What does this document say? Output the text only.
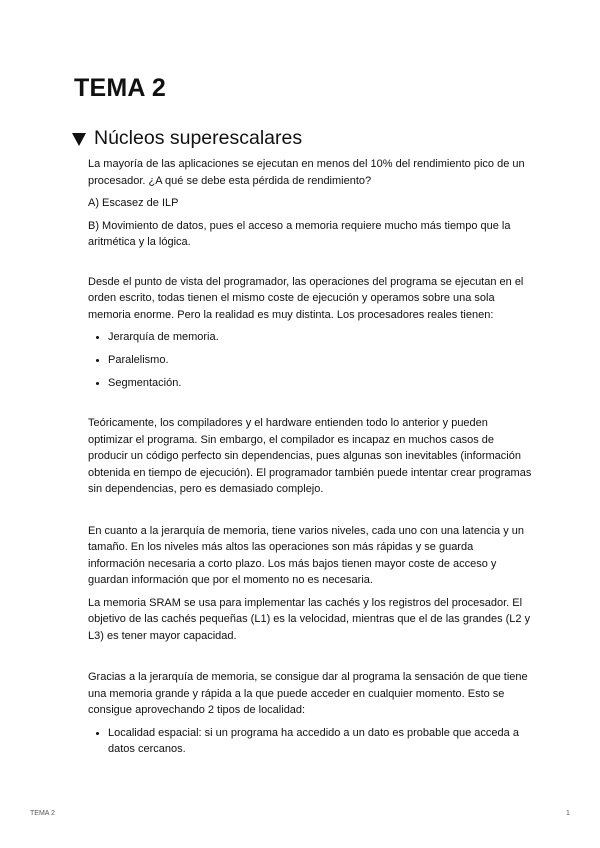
TEMA 2
Núcleos superescalares

La mayoría de las aplicaciones se ejecutan en menos del 10% del rendimiento pico de un procesador. ¿A qué se debe esta pérdida de rendimiento?

A) Escasez de ILP

B) Movimiento de datos, pues el acceso a memoria requiere mucho más tiempo que la aritmética y la lógica.

Desde el punto de vista del programador, las operaciones del programa se ejecutan en el orden escrito, todas tienen el mismo coste de ejecución y operamos sobre una sola memoria enorme. Pero la realidad es muy distinta. Los procesadores reales tienen:

• Jerarquía de memoria.
• Paralelismo.
• Segmentación.

Teóricamente, los compiladores y el hardware entienden todo lo anterior y pueden optimizar el programa. Sin embargo, el compilador es incapaz en muchos casos de producir un código perfecto sin dependencias, pues algunas son inevitables (información obtenida en tiempo de ejecución). El programador también puede intentar crear programas sin dependencias, pero es demasiado complejo.

En cuanto a la jerarquía de memoria, tiene varios niveles, cada uno con una latencia y un tamaño. En los niveles más altos las operaciones son más rápidas y se guarda información necesaria a corto plazo. Los más bajos tienen mayor coste de acceso y guardan información que por el momento no es necesaria.

La memoria SRAM se usa para implementar las cachés y los registros del procesador. El objetivo de las cachés pequeñas (L1) es la velocidad, mientras que el de las grandes (L2 y L3) es tener mayor capacidad.

Gracias a la jerarquía de memoria, se consigue dar al programa la sensación de que tiene una memoria grande y rápida a la que puede acceder en cualquier momento. Esto se consigue aprovechando 2 tipos de localidad:

• Localidad espacial: si un programa ha accedido a un dato es probable que acceda a datos cercanos.
TEMA 2	1
